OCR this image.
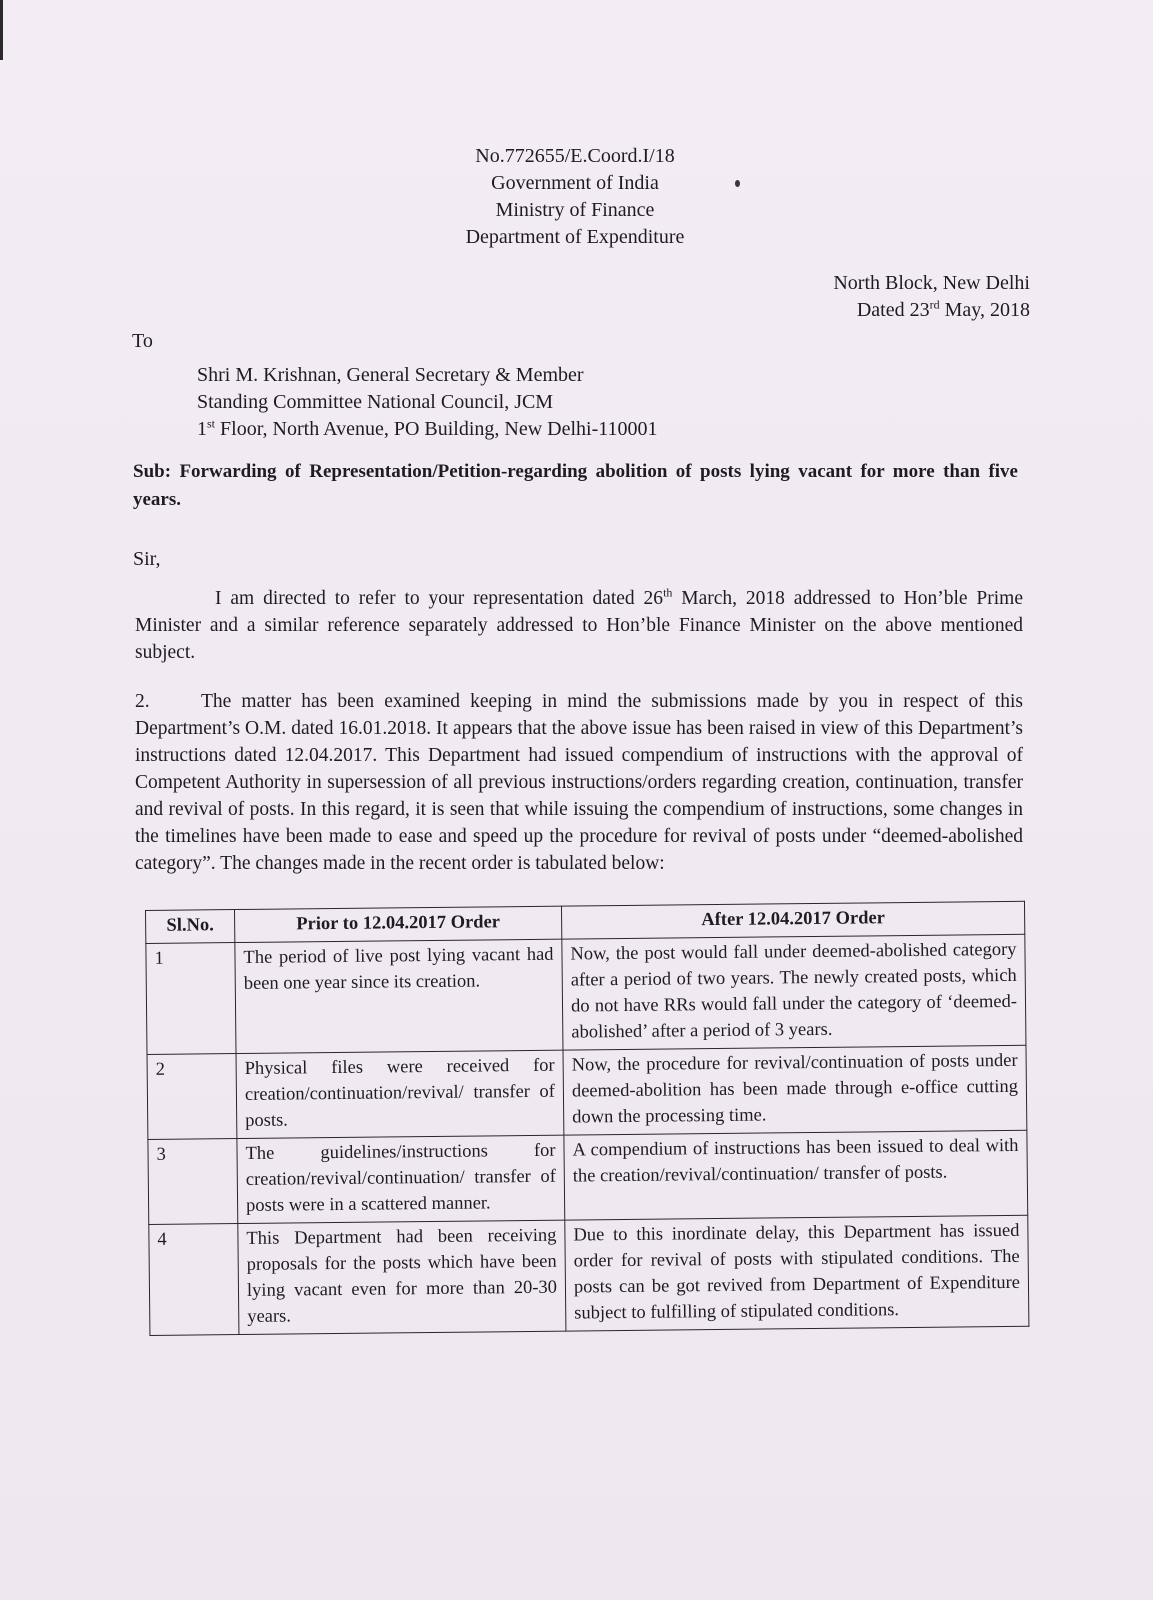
No.772655/E.Coord.I/18
Government of India
Ministry of Finance
Department of Expenditure
North Block, New Delhi
Dated 23rd May, 2018
To
Shri M. Krishnan, General Secretary & Member
Standing Committee National Council, JCM
1st Floor, North Avenue, PO Building, New Delhi-110001
Sub: Forwarding of Representation/Petition-regarding abolition of posts lying vacant for more than five years.
Sir,
I am directed to refer to your representation dated 26th March, 2018 addressed to Hon’ble Prime Minister and a similar reference separately addressed to Hon’ble Finance Minister on the above mentioned subject.
2.	The matter has been examined keeping in mind the submissions made by you in respect of this Department’s O.M. dated 16.01.2018. It appears that the above issue has been raised in view of this Department’s instructions dated 12.04.2017. This Department had issued compendium of instructions with the approval of Competent Authority in supersession of all previous instructions/orders regarding creation, continuation, transfer and revival of posts. In this regard, it is seen that while issuing the compendium of instructions, some changes in the timelines have been made to ease and speed up the procedure for revival of posts under “deemed-abolished category”. The changes made in the recent order is tabulated below:
Sl.No.	Prior to 12.04.2017 Order	After 12.04.2017 Order
1	The period of live post lying vacant had been one year since its creation.	Now, the post would fall under deemed-abolished category after a period of two years. The newly created posts, which do not have RRs would fall under the category of ‘deemed-abolished’ after a period of 3 years.
2	Physical files were received for creation/continuation/revival/ transfer of posts.	Now, the procedure for revival/continuation of posts under deemed-abolition has been made through e-office cutting down the processing time.
3	The guidelines/instructions for creation/revival/continuation/ transfer of posts were in a scattered manner.	A compendium of instructions has been issued to deal with the creation/revival/continuation/ transfer of posts.
4	This Department had been receiving proposals for the posts which have been lying vacant even for more than 20-30 years.	Due to this inordinate delay, this Department has issued order for revival of posts with stipulated conditions. The posts can be got revived from Department of Expenditure subject to fulfilling of stipulated conditions.
